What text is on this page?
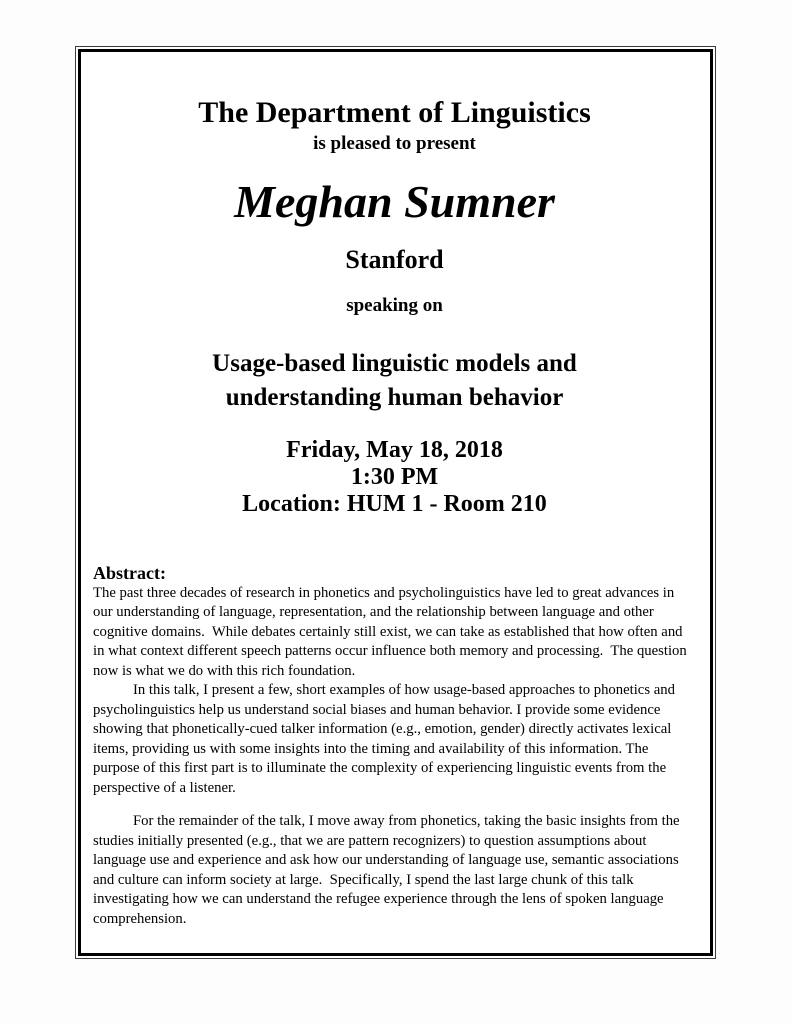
The Department of Linguistics
is pleased to present
Meghan Sumner
Stanford
speaking on
Usage-based linguistic models and
understanding human behavior
Friday, May 18, 2018
1:30 PM
Location: HUM 1 - Room 210
Abstract:

The past three decades of research in phonetics and psycholinguistics have led to great advances in our understanding of language, representation, and the relationship between language and other cognitive domains.  While debates certainly still exist, we can take as established that how often and in what context different speech patterns occur influence both memory and processing.  The question now is what we do with this rich foundation.

In this talk, I present a few, short examples of how usage-based approaches to phonetics and psycholinguistics help us understand social biases and human behavior. I provide some evidence showing that phonetically-cued talker information (e.g., emotion, gender) directly activates lexical items, providing us with some insights into the timing and availability of this information. The purpose of this first part is to illuminate the complexity of experiencing linguistic events from the perspective of a listener.

For the remainder of the talk, I move away from phonetics, taking the basic insights from the studies initially presented (e.g., that we are pattern recognizers) to question assumptions about language use and experience and ask how our understanding of language use, semantic associations and culture can inform society at large.  Specifically, I spend the last large chunk of this talk investigating how we can understand the refugee experience through the lens of spoken language comprehension.
